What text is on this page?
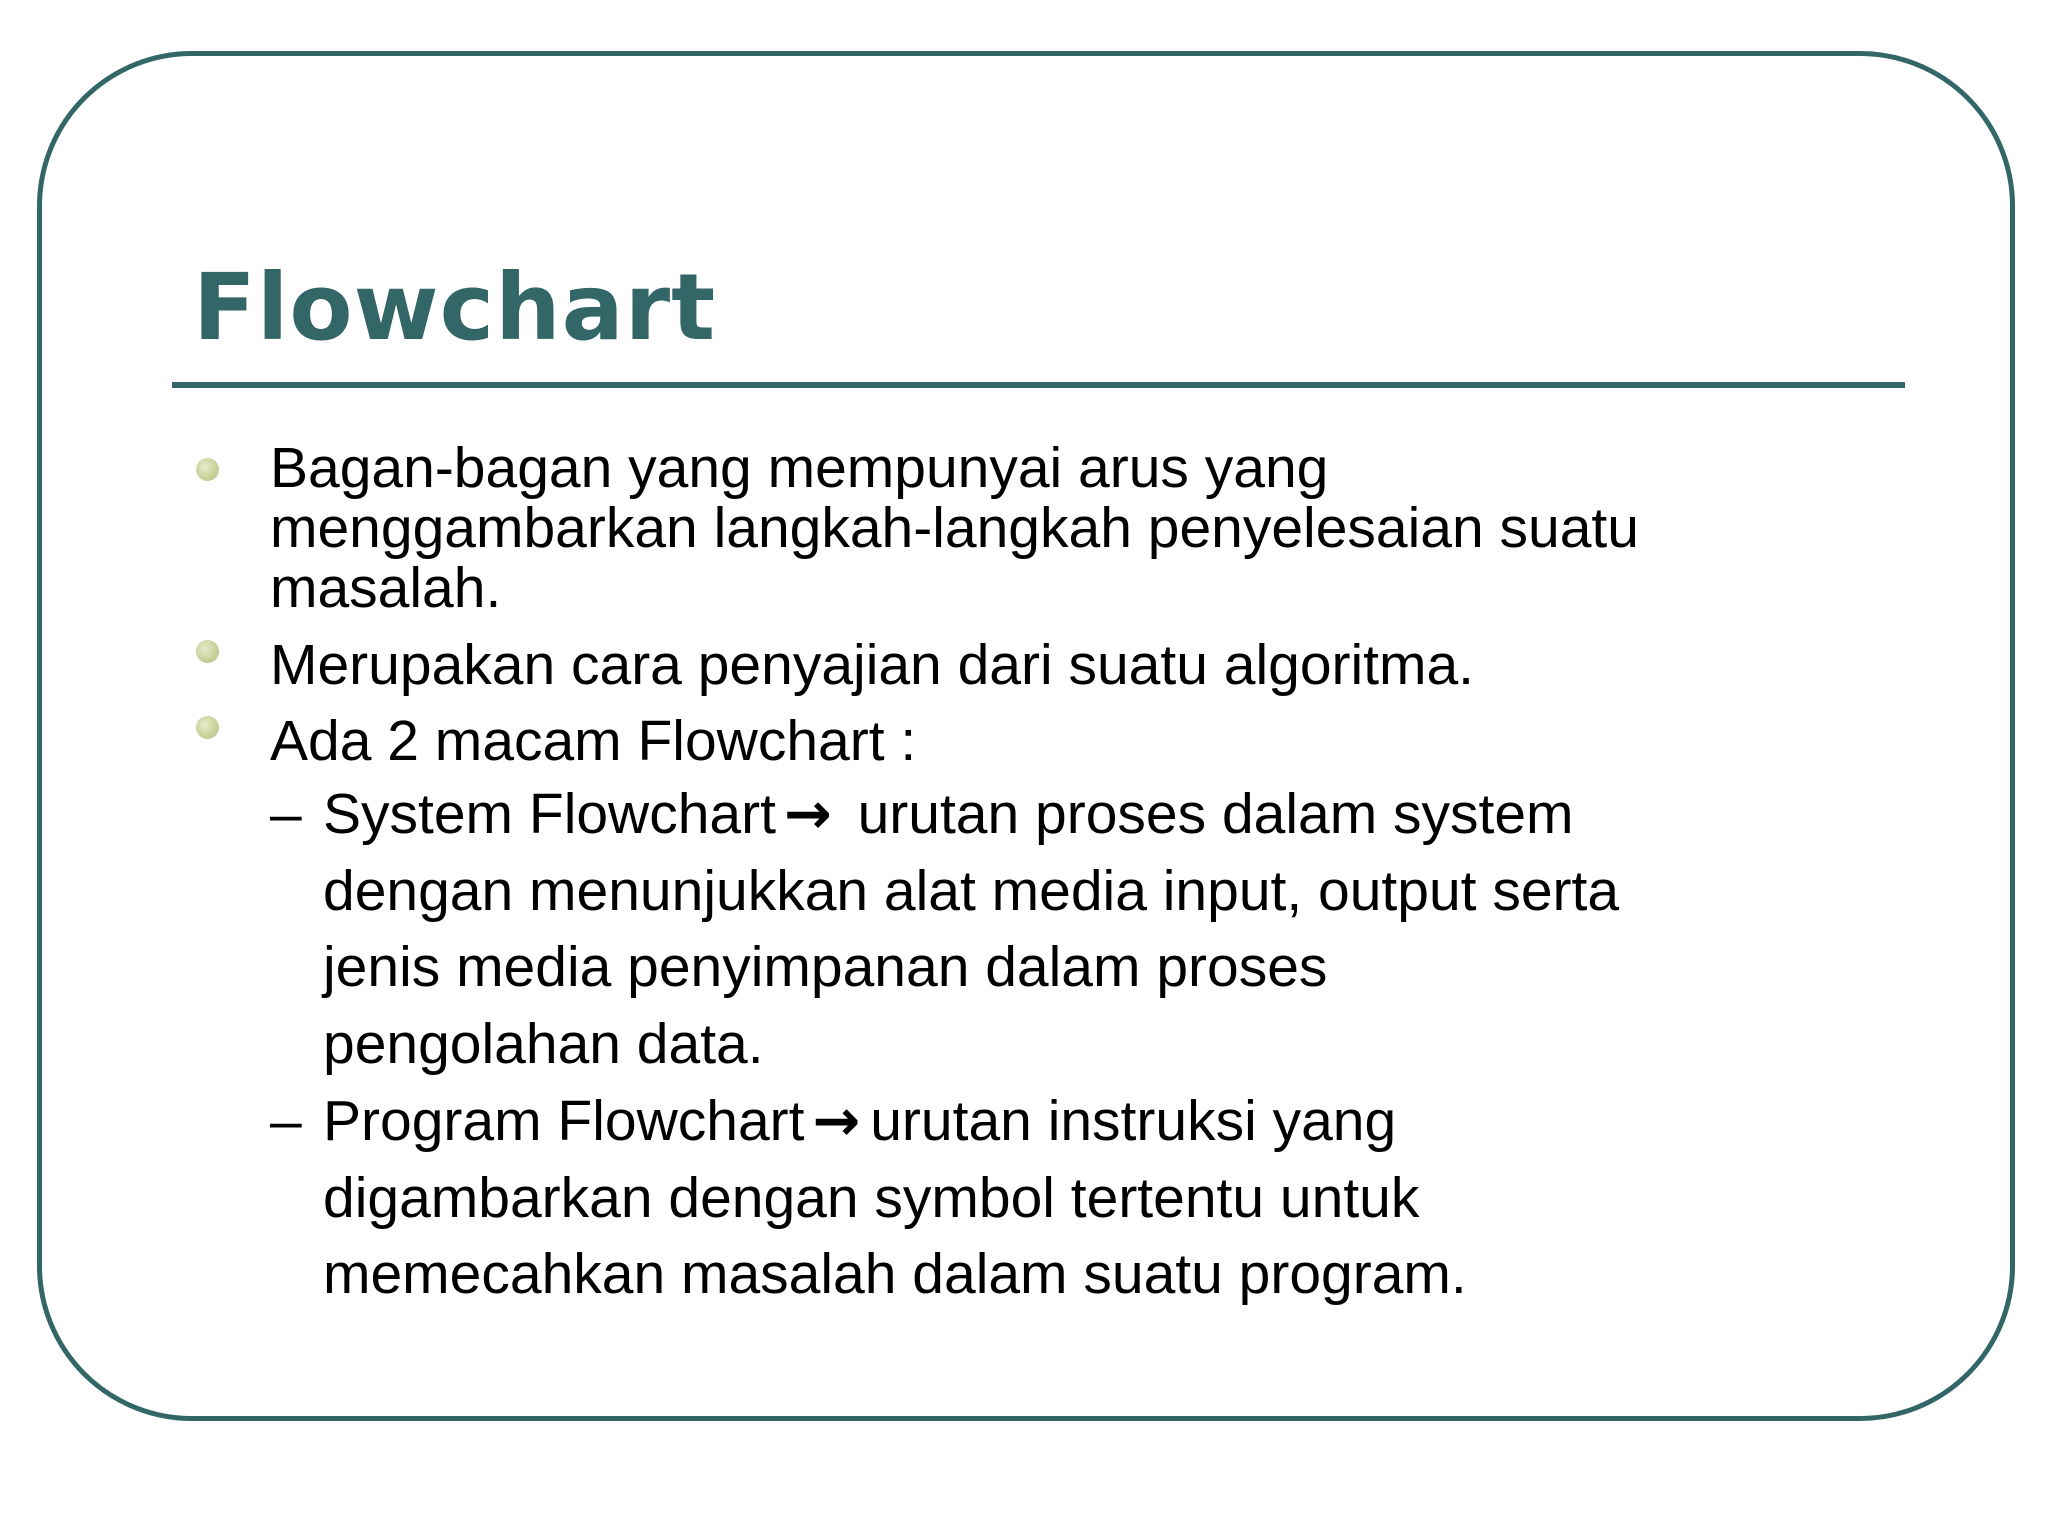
Flowchart
Bagan-bagan yang mempunyai arus yang
menggambarkan langkah-langkah penyelesaian suatu
masalah.
Merupakan cara penyajian dari suatu algoritma.
Ada 2 macam Flowchart :
– System Flowchart → urutan proses dalam system
dengan menunjukkan alat media input, output serta
jenis media penyimpanan dalam proses
pengolahan data.
– Program Flowchart → urutan instruksi yang
digambarkan dengan symbol tertentu untuk
memecahkan masalah dalam suatu program.
